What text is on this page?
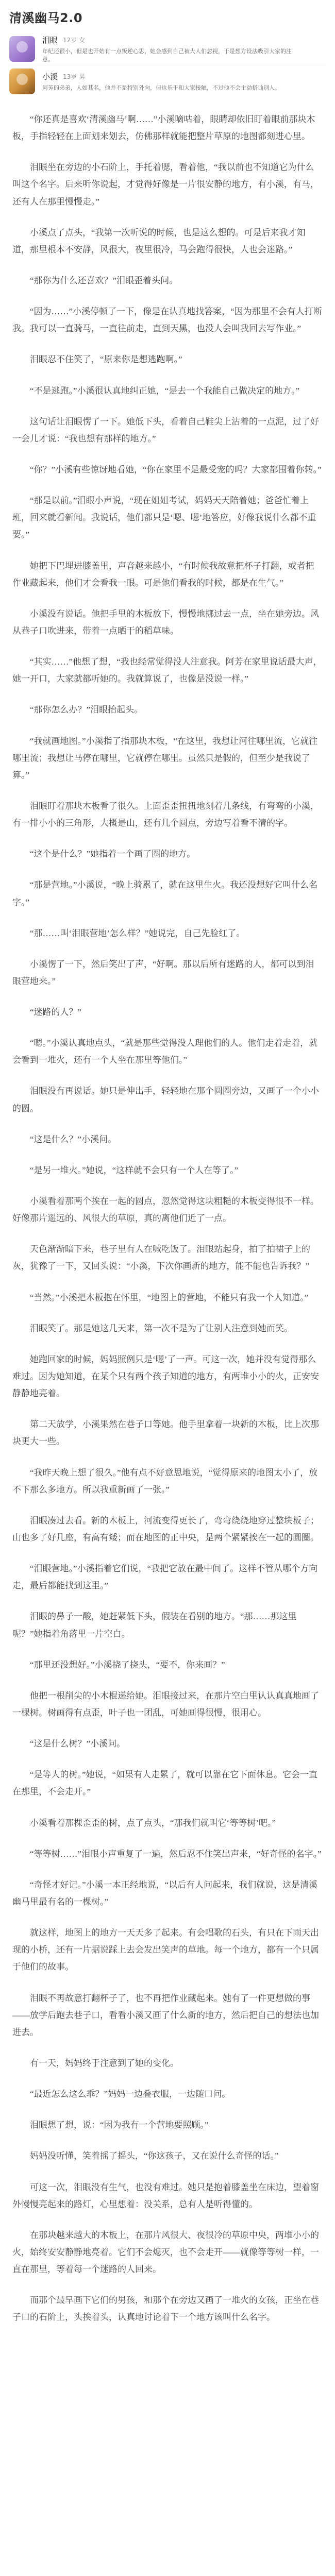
清溪幽马2.0
泪眼 12岁 女
年纪还很小，但是也开始有一点叛逆心思，她会感到自己被大人们忽视，于是想方设法吸引大家的注意。
小溪 13岁 男
阿芳的弟弟，人如其名，他并不是特别外向，但也乐于和大家接触，不过他不会主动搭讪别人。

“你还真是喜欢‘清溪幽马’啊……”小溪嘀咕着，眼睛却依旧盯着眼前那块木板，手指轻轻在上面划来划去，仿佛那样就能把整片草原的地图都刻进心里。

泪眼坐在旁边的小石阶上，手托着腮，看着他，“我以前也不知道它为什么叫这个名字。后来听你说起，才觉得好像是一片很安静的地方，有小溪，有马，还有人在那里慢慢走。”

小溪点了点头，“我第一次听说的时候，也是这么想的。可是后来我才知道，那里根本不安静，风很大，夜里很冷，马会跑得很快，人也会迷路。”

“那你为什么还喜欢？”泪眼歪着头问。

“因为……”小溪停顿了一下，像是在认真地找答案，“因为那里不会有人打断我。我可以一直骑马，一直往前走，直到天黑，也没人会叫我回去写作业。”

泪眼忍不住笑了，“原来你是想逃跑啊。”

“不是逃跑。”小溪很认真地纠正她，“是去一个我能自己做决定的地方。”

这句话让泪眼愣了一下。她低下头，看着自己鞋尖上沾着的一点泥，过了好一会儿才说：“我也想有那样的地方。”

“你？”小溪有些惊讶地看她，“你在家里不是最受宠的吗？大家都围着你转。”

“那是以前。”泪眼小声说，“现在姐姐考试，妈妈天天陪着她；爸爸忙着上班，回来就看新闻。我说话，他们都只是‘嗯、嗯’地答应，好像我说什么都不重要。”

她把下巴埋进膝盖里，声音越来越小，“有时候我故意把杯子打翻，或者把作业藏起来，他们才会看我一眼。可是他们看我的时候，都是在生气。”

小溪没有说话。他把手里的木板放下，慢慢地挪过去一点，坐在她旁边。风从巷子口吹进来，带着一点晒干的稻草味。

“其实……”他想了想，“我也经常觉得没人注意我。阿芳在家里说话最大声，她一开口，大家就都听她的。我就算说了，也像是没说一样。”

“那你怎么办？”泪眼抬起头。

“我就画地图。”小溪指了指那块木板，“在这里，我想让河往哪里流，它就往哪里流；我想让马停在哪里，它就停在哪里。虽然只是假的，但至少是我说了算。”

泪眼盯着那块木板看了很久。上面歪歪扭扭地刻着几条线，有弯弯的小溪，有一排小小的三角形，大概是山，还有几个圆点，旁边写着看不清的字。

“这个是什么？”她指着一个画了圈的地方。

“那是营地。”小溪说，“晚上骑累了，就在这里生火。我还没想好它叫什么名字。”

“那……叫‘泪眼营地’怎么样？”她说完，自己先脸红了。

小溪愣了一下，然后笑出了声，“好啊。那以后所有迷路的人，都可以到泪眼营地来。”

“迷路的人？”

“嗯。”小溪认真地点头，“就是那些觉得没人理他们的人。他们走着走着，就会看到一堆火，还有一个人坐在那里等他们。”

泪眼没有再说话。她只是伸出手，轻轻地在那个圆圈旁边，又画了一个小小的圆。

“这是什么？”小溪问。

“是另一堆火。”她说，“这样就不会只有一个人在等了。”

小溪看着那两个挨在一起的圆点，忽然觉得这块粗糙的木板变得很不一样。好像那片遥远的、风很大的草原，真的离他们近了一点。

天色渐渐暗下来，巷子里有人在喊吃饭了。泪眼站起身，拍了拍裙子上的灰，犹豫了一下，又回头说：“小溪，下次你画新的地方，能不能也告诉我？”

“当然。”小溪把木板抱在怀里，“地图上的营地，不能只有我一个人知道。”

泪眼笑了。那是她这几天来，第一次不是为了让别人注意到她而笑。

她跑回家的时候，妈妈照例只是‘嗯’了一声。可这一次，她并没有觉得那么难过。因为她知道，在某个只有两个孩子知道的地方，有两堆小小的火，正安安静静地亮着。

第二天放学，小溪果然在巷子口等她。他手里拿着一块新的木板，比上次那块更大一些。

“我昨天晚上想了很久。”他有点不好意思地说，“觉得原来的地图太小了，放不下那么多地方。所以我重新画了一张。”

泪眼凑过去看。新的木板上，河流变得更长了，弯弯绕绕地穿过整块板子；山也多了好几座，有高有矮；而在地图的正中央，是两个紧紧挨在一起的圆圈。

“泪眼营地。”小溪指着它们说，“我把它放在最中间了。这样不管从哪个方向走，最后都能找到这里。”

泪眼的鼻子一酸，她赶紧低下头，假装在看别的地方。“那……那这里呢？”她指着角落里一片空白。

“那里还没想好。”小溪挠了挠头，“要不，你来画？”

他把一根削尖的小木棍递给她。泪眼接过来，在那片空白里认认真真地画了一棵树。树画得有点歪，叶子也一团乱，可她画得很慢，很用心。

“这是什么树？”小溪问。

“是等人的树。”她说，“如果有人走累了，就可以靠在它下面休息。它会一直在那里，不会走开。”

小溪看着那棵歪歪的树，点了点头，“那我们就叫它‘等等树’吧。”

“等等树……”泪眼小声重复了一遍，然后忍不住笑出声来，“好奇怪的名字。”

“奇怪才好记。”小溪一本正经地说，“以后有人问起来，我们就说，这是清溪幽马里最有名的一棵树。”

就这样，地图上的地方一天天多了起来。有会唱歌的石头，有只在下雨天出现的小桥，还有一片据说踩上去会发出笑声的草地。每一个地方，都有一个只属于他们的故事。

泪眼不再故意打翻杯子了，也不再把作业藏起来。她有了一件更想做的事——放学后跑去巷子口，看看小溪又画了什么新的地方，然后把自己的想法也加进去。

有一天，妈妈终于注意到了她的变化。

“最近怎么这么乖？”妈妈一边叠衣服，一边随口问。

泪眼想了想，说：“因为我有一个营地要照顾。”

妈妈没听懂，笑着摇了摇头，“你这孩子，又在说什么奇怪的话。”

可这一次，泪眼没有生气，也没有难过。她只是抱着膝盖坐在床边，望着窗外慢慢亮起来的路灯，心里想着：没关系，总有人是听得懂的。

在那块越来越大的木板上，在那片风很大、夜很冷的草原中央，两堆小小的火，始终安安静静地亮着。它们不会熄灭，也不会走开——就像等等树一样，一直在那里，等着每一个迷路的人回来。

而那个最早画下它们的男孩，和那个在旁边又画了一堆火的女孩，正坐在巷子口的石阶上，头挨着头，认真地讨论着下一个地方该叫什么名字。
